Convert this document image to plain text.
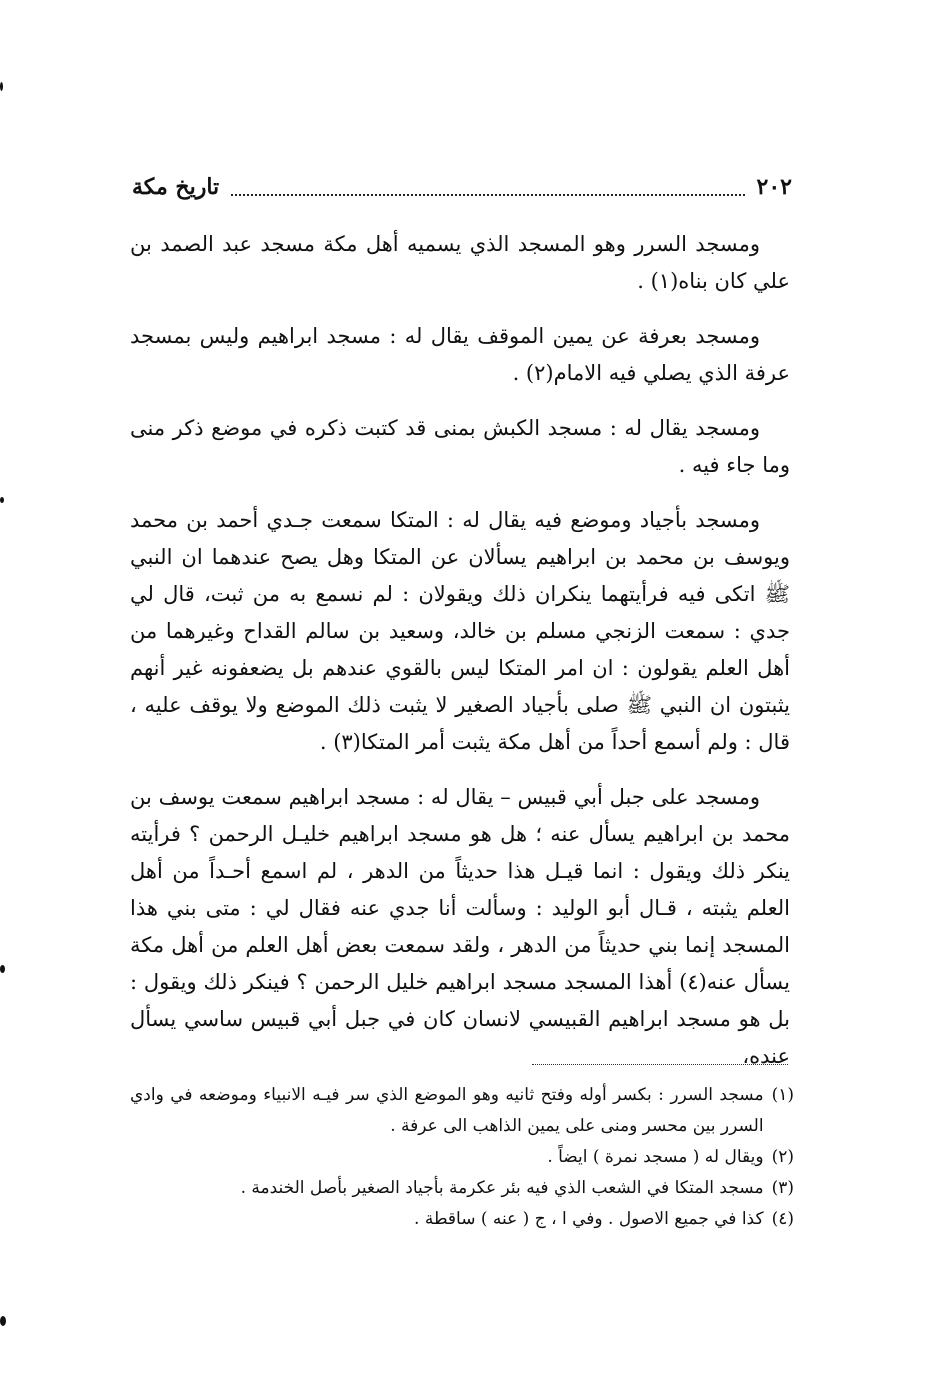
٢٠٢
تاريخ مكة

ومسجد السرر وهو المسجد الذي يسميه أهل مكة مسجد عبد الصمد بن علي كان بناه(١) .

ومسجد بعرفة عن يمين الموقف يقال له : مسجد ابراهيم وليس بمسجد عرفة الذي يصلي فيه الامام(٢) .

ومسجد يقال له : مسجد الكبش بمنى قد كتبت ذكره في موضع ذكر منى وما جاء فيه .

ومسجد بأجياد وموضع فيه يقال له : المتكا سمعت جـدي أحمد بن محمد ويوسف بن محمد بن ابراهيم يسألان عن المتكا وهل يصح عندهما ان النبي ﷺ اتكى فيه فرأيتهما ينكران ذلك ويقولان : لم نسمع به من ثبت، قال لي جدي : سمعت الزنجي مسلم بن خالد، وسعيد بن سالم القداح وغيرهما من أهل العلم يقولون : ان امر المتكا ليس بالقوي عندهم بل يضعفونه غير أنهم يثبتون ان النبي ﷺ صلى بأجياد الصغير لا يثبت ذلك الموضع ولا يوقف عليه ، قال : ولم أسمع أحداً من أهل مكة يثبت أمر المتكا(٣) .

ومسجد على جبل أبي قبيس – يقال له : مسجد ابراهيم سمعت يوسف بن محمد بن ابراهيم يسأل عنه ؛ هل هو مسجد ابراهيم خليـل الرحمن ؟ فرأيته ينكر ذلك ويقول : انما قيـل هذا حديثاً من الدهر ، لم اسمع أحـداً من أهل العلم يثبته ، قـال أبو الوليد : وسألت أنا جدي عنه فقال لي : متى بني هذا المسجد إنما بني حديثاً من الدهر ، ولقد سمعت بعض أهل العلم من أهل مكة يسأل عنه(٤) أهذا المسجد مسجد ابراهيم خليل الرحمن ؟ فينكر ذلك ويقول : بل هو مسجد ابراهيم القبيسي لانسان كان في جبل أبي قبيس ساسي يسأل عنده،

(١)
مسجد السرر : بكسر أوله وفتح ثانيه وهو الموضع الذي سر فيـه الانبياء وموضعه في وادي السرر بين محسر ومنى على يمين الذاهب الى عرفة .
(٢)
ويقال له ( مسجد نمرة ) ايضاً .
(٣)
مسجد المتكا في الشعب الذي فيه بئر عكرمة بأجياد الصغير بأصل الخندمة .
(٤)
كذا في جميع الاصول . وفي ا ، ج ( عنه ) ساقطة .
